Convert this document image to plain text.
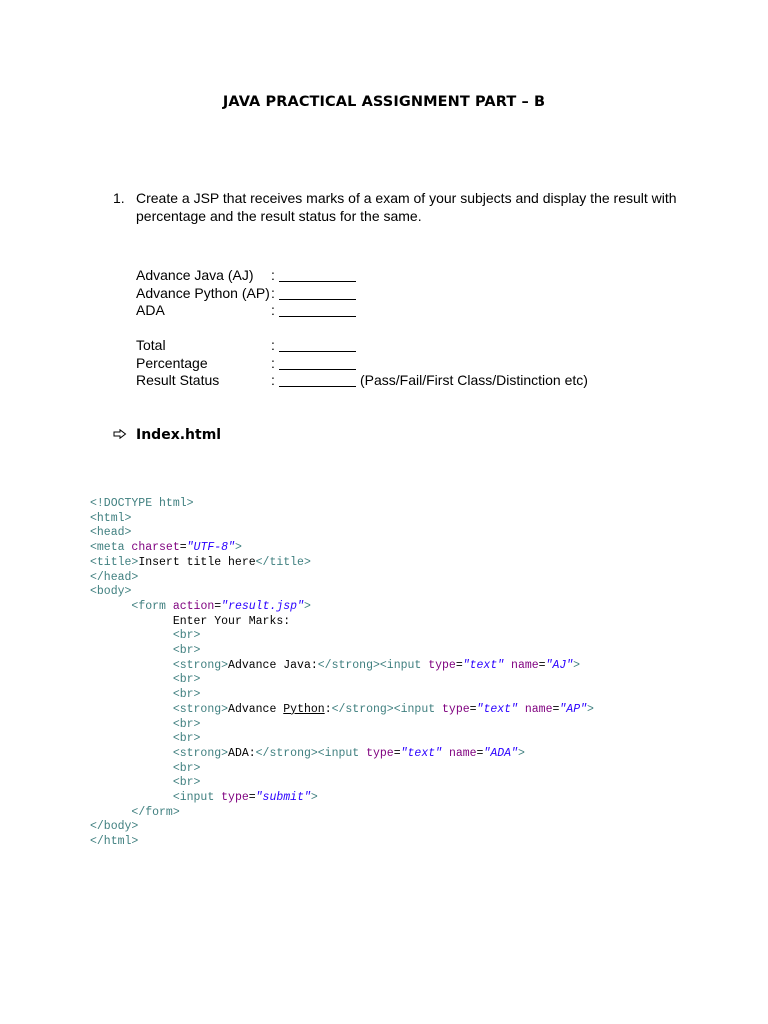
JAVA PRACTICAL ASSIGNMENT PART – B
1. Create a JSP that receives marks of a exam of your subjects and display the result with percentage and the result status for the same.
Advance Java (AJ)	:
Advance Python (AP) :
ADA	:
Total	:
Percentage	:
Result Status	:	(Pass/Fail/First Class/Distinction etc)
Index.html
<!DOCTYPE html>
<html>
<head>
<meta charset="UTF-8">
<title>Insert title here</title>
</head>
<body>
<form action="result.jsp">
Enter Your Marks:
<br>
<br>
<strong>Advance Java:</strong><input type="text" name="AJ">
<br>
<br>
<strong>Advance Python:</strong><input type="text" name="AP">
<br>
<br>
<strong>ADA:</strong><input type="text" name="ADA">
<br>
<br>
<input type="submit">
</form>
</body>
</html>
